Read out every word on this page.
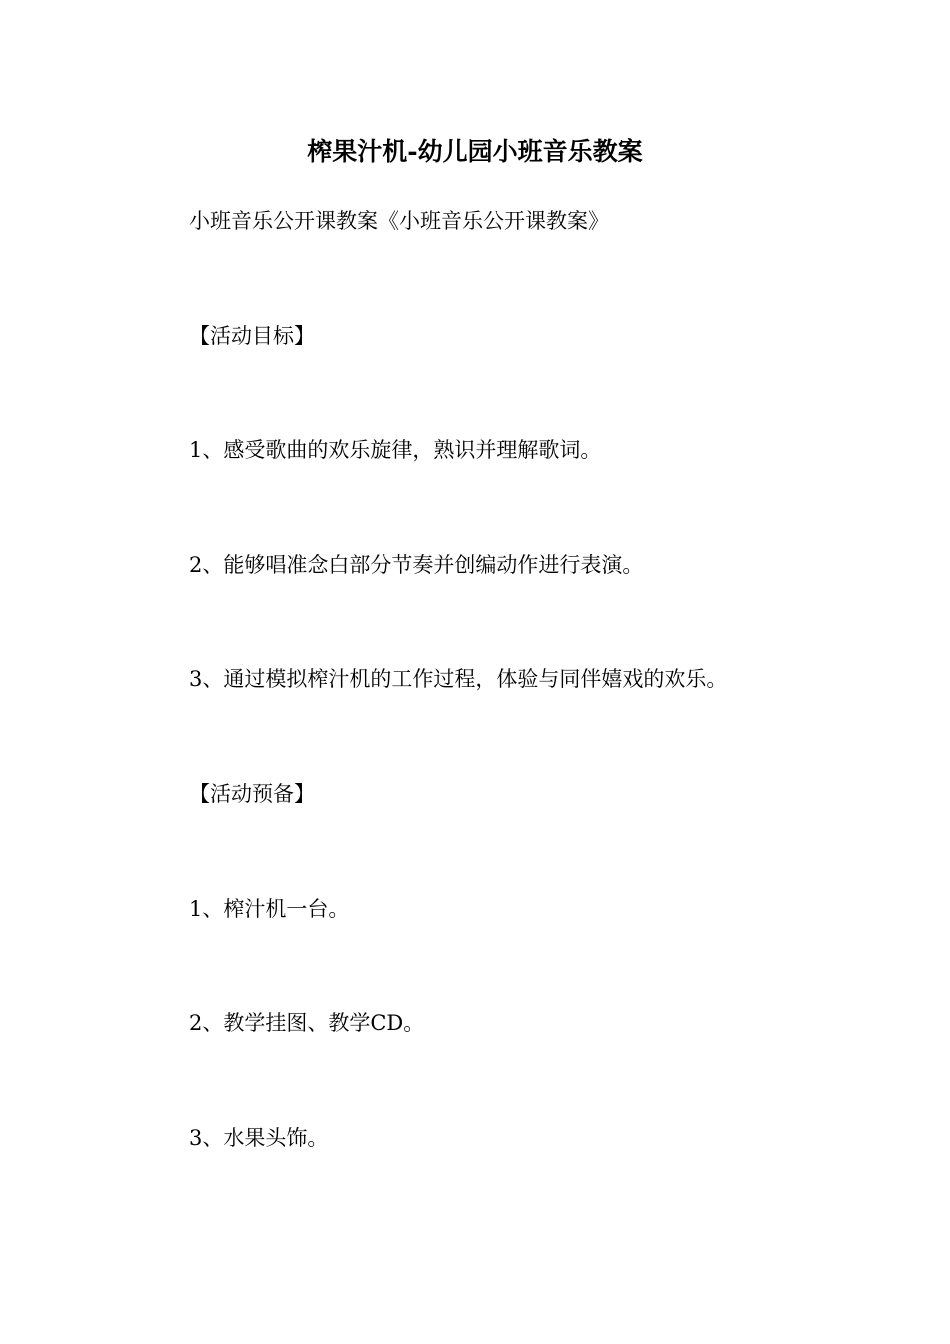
榨果汁机-幼儿园小班音乐教案
小班音乐公开课教案《小班音乐公开课教案》
【活动目标】
1、感受歌曲的欢乐旋律，熟识并理解歌词。
2、能够唱准念白部分节奏并创编动作进行表演。
3、通过模拟榨汁机的工作过程，体验与同伴嬉戏的欢乐。
【活动预备】
1、榨汁机一台。
2、教学挂图、教学CD。
3、水果头饰。
